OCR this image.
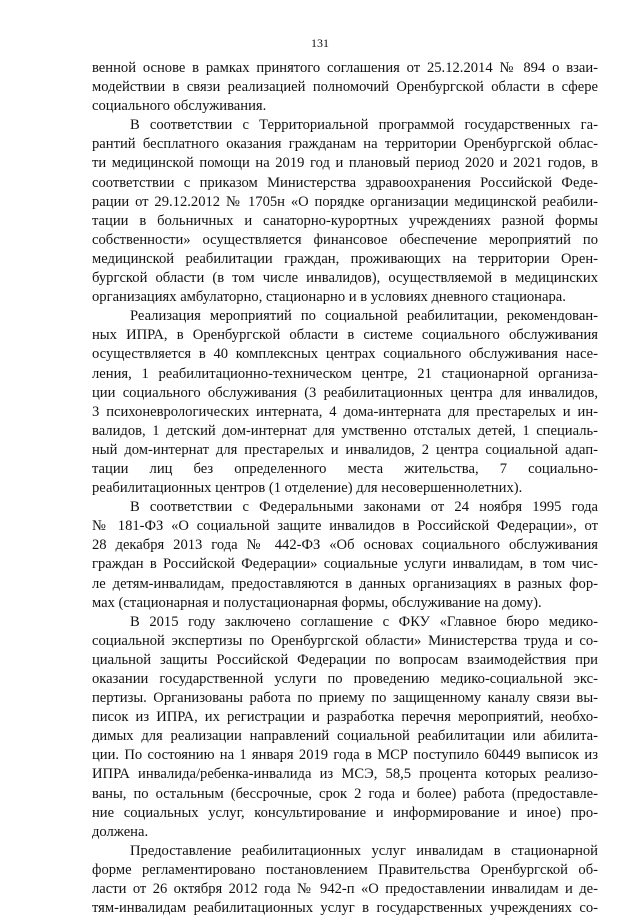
131
венной основе в рамках принятого соглашения от 25.12.2014 № 894 о взаи-
модействии в связи реализацией полномочий Оренбургской области в сфере
социального обслуживания.
В соответствии с Территориальной программой государственных га-
рантий бесплатного оказания гражданам на территории Оренбургской облас-
ти медицинской помощи на 2019 год и плановый период 2020 и 2021 годов, в
соответствии с приказом Министерства здравоохранения Российской Феде-
рации от 29.12.2012 № 1705н «О порядке организации медицинской реабили-
тации в больничных и санаторно-курортных учреждениях разной формы
собственности» осуществляется финансовое обеспечение мероприятий по
медицинской реабилитации граждан, проживающих на территории Орен-
бургской области (в том числе инвалидов), осуществляемой в медицинских
организациях амбулаторно, стационарно и в условиях дневного стационара.
Реализация мероприятий по социальной реабилитации, рекомендован-
ных ИПРА, в Оренбургской области в системе социального обслуживания
осуществляется в 40 комплексных центрах социального обслуживания насе-
ления, 1 реабилитационно-техническом центре, 21 стационарной организа-
ции социального обслуживания (3 реабилитационных центра для инвалидов,
3 психоневрологических интерната, 4 дома-интерната для престарелых и ин-
валидов, 1 детский дом-интернат для умственно отсталых детей, 1 специаль-
ный дом-интернат для престарелых и инвалидов, 2 центра социальной адап-
тации лиц без определенного места жительства, 7 социально-
реабилитационных центров (1 отделение) для несовершеннолетних).
В соответствии с Федеральными законами от 24 ноября 1995 года
№ 181-ФЗ «О социальной защите инвалидов в Российской Федерации», от
28 декабря 2013 года № 442-ФЗ «Об основах социального обслуживания
граждан в Российской Федерации» социальные услуги инвалидам, в том чис-
ле детям-инвалидам, предоставляются в данных организациях в разных фор-
мах (стационарная и полустационарная формы, обслуживание на дому).
В 2015 году заключено соглашение с ФКУ «Главное бюро медико-
социальной экспертизы по Оренбургской области» Министерства труда и со-
циальной защиты Российской Федерации по вопросам взаимодействия при
оказании государственной услуги по проведению медико-социальной экс-
пертизы. Организованы работа по приему по защищенному каналу связи вы-
писок из ИПРА, их регистрации и разработка перечня мероприятий, необхо-
димых для реализации направлений социальной реабилитации или абилита-
ции. По состоянию на 1 января 2019 года в МСР поступило 60449 выписок из
ИПРА инвалида/ребенка-инвалида из МСЭ, 58,5 процента которых реализо-
ваны, по остальным (бессрочные, срок 2 года и более) работа (предоставле-
ние социальных услуг, консультирование и информирование и иное) про-
должена.
Предоставление реабилитационных услуг инвалидам в стационарной
форме регламентировано постановлением Правительства Оренбургской об-
ласти от 26 октября 2012 года № 942-п «О предоставлении инвалидам и де-
тям-инвалидам реабилитационных услуг в государственных учреждениях со-
